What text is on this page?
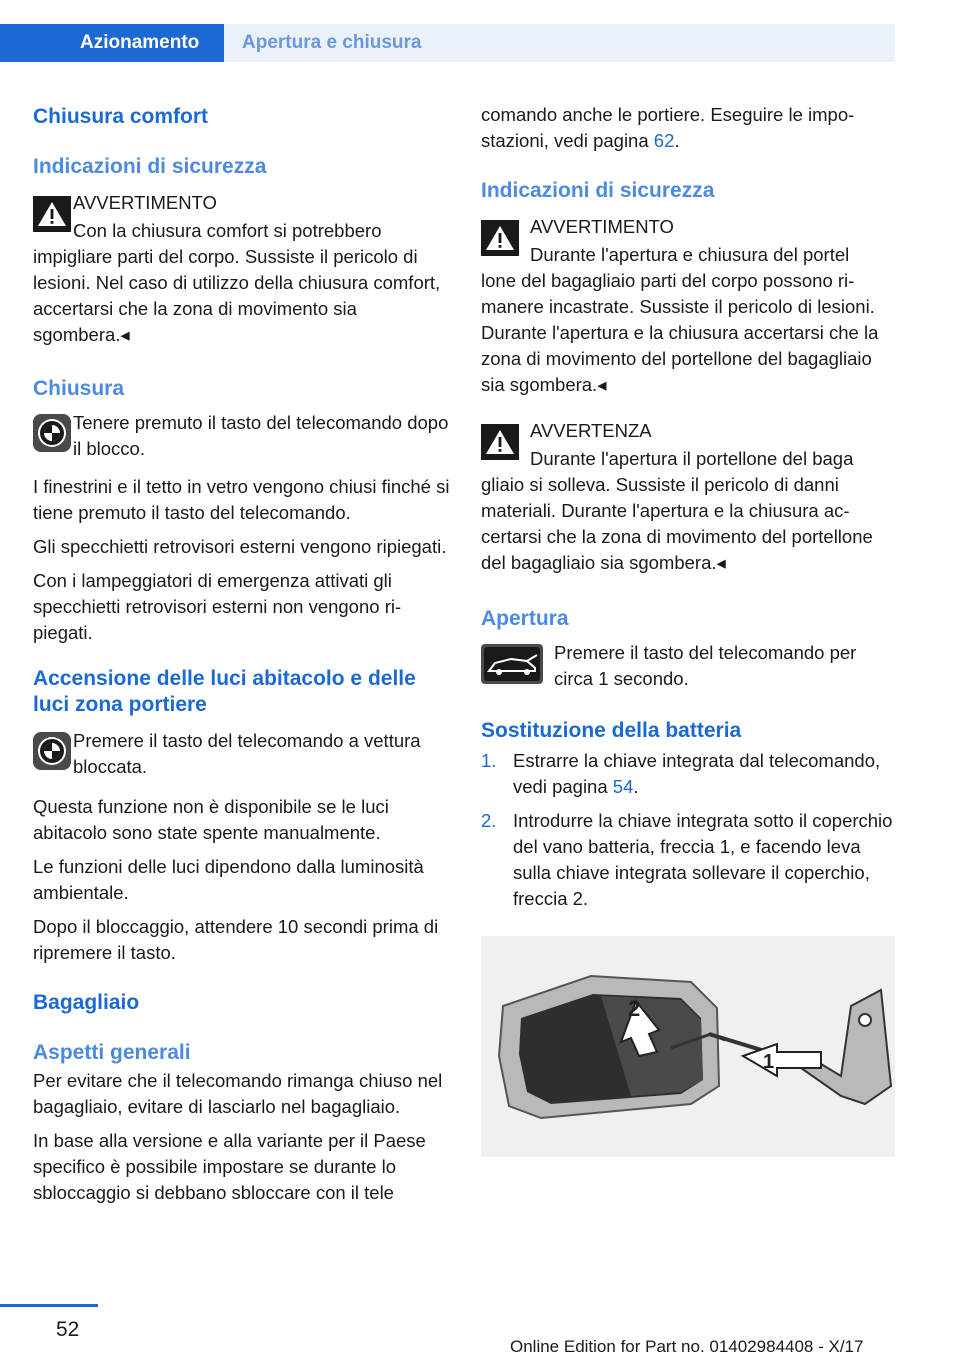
Azionamento	Apertura e chiusura
Chiusura comfort
Indicazioni di sicurezza
AVVERTIMENTO
Con la chiusura comfort si potrebbero
impigliare parti del corpo. Sussiste il pericolo di lesioni. Nel caso di utilizzo della chiusura comfort, accertarsi che la zona di movimento sia sgombera.◂
Chiusura
Tenere premuto il tasto del telecomando dopo il blocco.

I finestrini e il tetto in vetro vengono chiusi finché si tiene premuto il tasto del telecomando.

Gli specchietti retrovisori esterni vengono ripiegati.

Con i lampeggiatori di emergenza attivati gli specchietti retrovisori esterni non vengono ripiegati.

Accensione delle luci abitacolo e delle luci zona portiere
Premere il tasto del telecomando a vettura bloccata.

Questa funzione non è disponibile se le luci abitacolo sono state spente manualmente.

Le funzioni delle luci dipendono dalla luminosità ambientale.

Dopo il bloccaggio, attendere 10 secondi prima di ripremere il tasto.

Bagagliaio
Aspetti generali

Per evitare che il telecomando rimanga chiuso nel bagagliaio, evitare di lasciarlo nel bagagliaio.

In base alla versione e alla variante per il Paese specifico è possibile impostare se durante lo sbloccaggio si debbano sbloccare con il tele

comando anche le portiere. Eseguire le impostazioni, vedi pagina 62.

Indicazioni di sicurezza
AVVERTIMENTO
Durante l'apertura e chiusura del portel
lone del bagagliaio parti del corpo possono rimanere incastrate. Sussiste il pericolo di lesioni. Durante l'apertura e la chiusura accertarsi che la zona di movimento del portellone del bagagliaio sia sgombera.◂
AVVERTENZA
Durante l'apertura il portellone del baga
gliaio si solleva. Sussiste il pericolo di danni materiali. Durante l'apertura e la chiusura accertarsi che la zona di movimento del portellone del bagagliaio sia sgombera.◂
Apertura
Premere il tasto del telecomando per circa 1 secondo.
Sostituzione della batteria
1. Estrarre la chiave integrata dal telecomando, vedi pagina 54.
2. Introdurre la chiave integrata sotto il coperchio del vano batteria, freccia 1, e facendo leva sulla chiave integrata sollevare il coperchio, freccia 2.
2
1
52
Online Edition for Part no. 01402984408 - X/17
